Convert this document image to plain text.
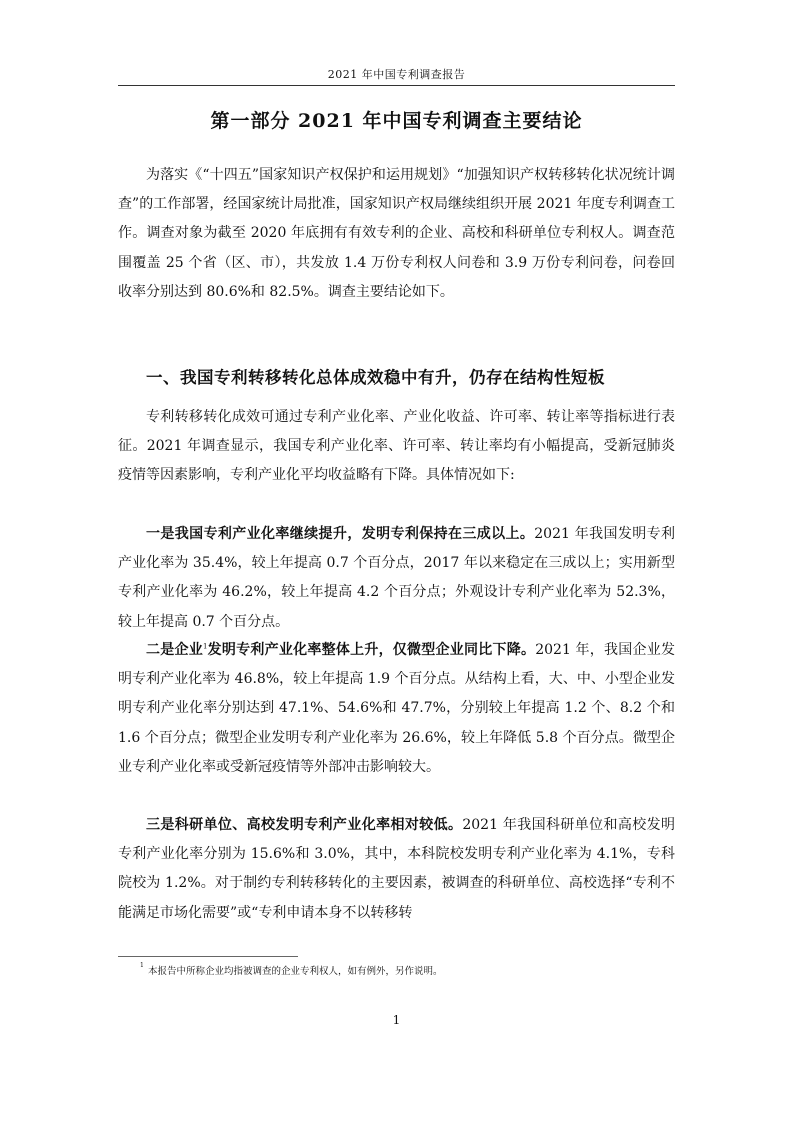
2021 年中国专利调查报告
第一部分 2021 年中国专利调查主要结论

为落实《“十四五”国家知识产权保护和运用规划》“加强知识产权转移转化状况统计调查”的工作部署，经国家统计局批准，国家知识产权局继续组织开展 2021 年度专利调查工作。调查对象为截至 2020 年底拥有有效专利的企业、高校和科研单位专利权人。调查范围覆盖 25 个省（区、市），共发放 1.4 万份专利权人问卷和 3.9 万份专利问卷，问卷回收率分别达到 80.6%和 82.5%。调查主要结论如下。

一、我国专利转移转化总体成效稳中有升，仍存在结构性短板

专利转移转化成效可通过专利产业化率、产业化收益、许可率、转让率等指标进行表征。2021 年调查显示，我国专利产业化率、许可率、转让率均有小幅提高，受新冠肺炎疫情等因素影响，专利产业化平均收益略有下降。具体情况如下:

一是我国专利产业化率继续提升，发明专利保持在三成以上。2021 年我国发明专利产业化率为 35.4%，较上年提高 0.7 个百分点，2017 年以来稳定在三成以上；实用新型专利产业化率为 46.2%，较上年提高 4.2 个百分点；外观设计专利产业化率为 52.3%，较上年提高 0.7 个百分点。

二是企业$^1$发明专利产业化率整体上升，仅微型企业同比下降。2021 年，我国企业发明专利产业化率为 46.8%，较上年提高 1.9 个百分点。从结构上看，大、中、小型企业发明专利产业化率分别达到 47.1%、54.6%和 47.7%，分别较上年提高 1.2 个、8.2 个和 1.6 个百分点；微型企业发明专利产业化率为 26.6%，较上年降低 5.8 个百分点。微型企业专利产业化率或受新冠疫情等外部冲击影响较大。

三是科研单位、高校发明专利产业化率相对较低。2021 年我国科研单位和高校发明专利产业化率分别为 15.6%和 3.0%，其中，本科院校发明专利产业化率为 4.1%，专科院校为 1.2%。对于制约专利转移转化的主要因素，被调查的科研单位、高校选择“专利不能满足市场化需要”或“专利申请本身不以转移转

1
本报告中所称企业均指被调查的企业专利权人，如有例外，另作说明。
1
